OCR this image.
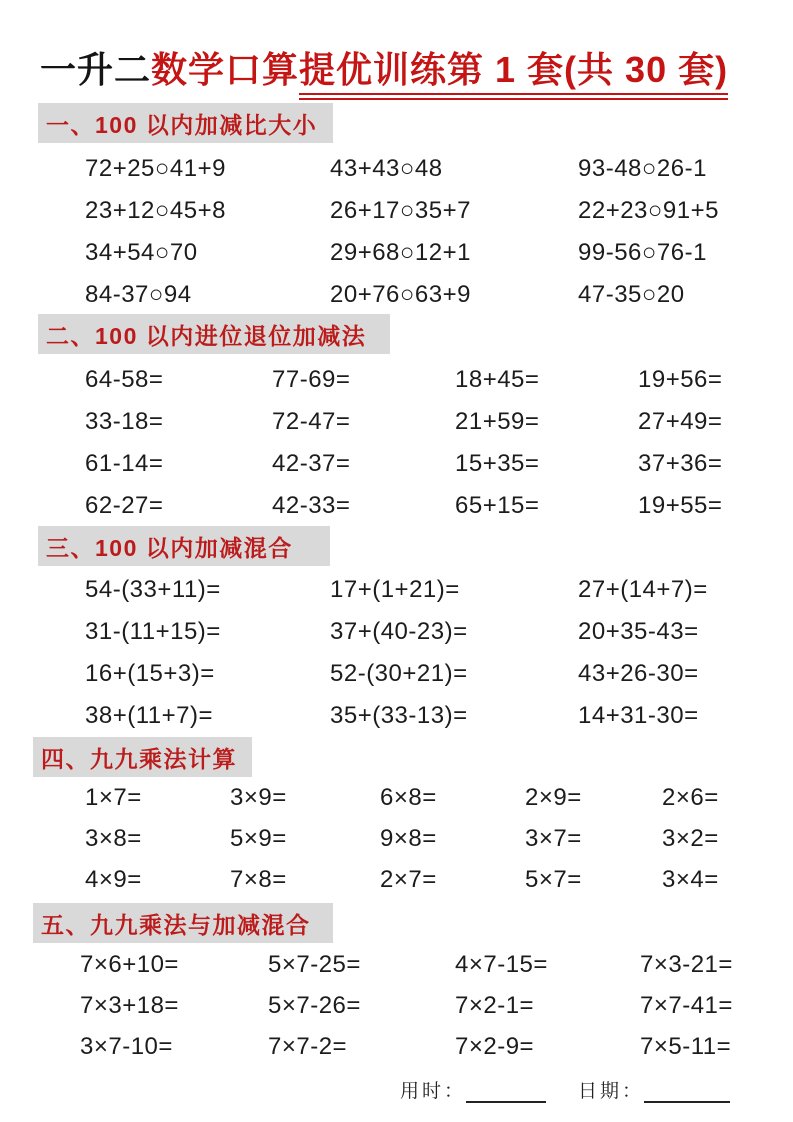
一升二数学口算提优训练第 1 套(共 30 套)
一、100 以内加减比大小
二、100 以内进位退位加减法
三、100 以内加减混合
四、九九乘法计算
五、九九乘法与加减混合
72+25○41+9	43+43○48	93-48○26-1
23+12○45+8	26+17○35+7	22+23○91+5
34+54○70	29+68○12+1	99-56○76-1
84-37○94	20+76○63+9	47-35○20
64-58=	77-69=	18+45=	19+56=
33-18=	72-47=	21+59=	27+49=
61-14=	42-37=	15+35=	37+36=
62-27=	42-33=	65+15=	19+55=
54-(33+11)=	17+(1+21)=	27+(14+7)=
31-(11+15)=	37+(40-23)=	20+35-43=
16+(15+3)=	52-(30+21)=	43+26-30=
38+(11+7)=	35+(33-13)=	14+31-30=
1×7=	3×9=	6×8=	2×9=	2×6=
3×8=	5×9=	9×8=	3×7=	3×2=
4×9=	7×8=	2×7=	5×7=	3×4=
7×6+10=	5×7-25=	4×7-15=	7×3-21=
7×3+18=	5×7-26=	7×2-1=	7×7-41=
3×7-10=	7×7-2=	7×2-9=	7×5-11=
用时：	日期：
